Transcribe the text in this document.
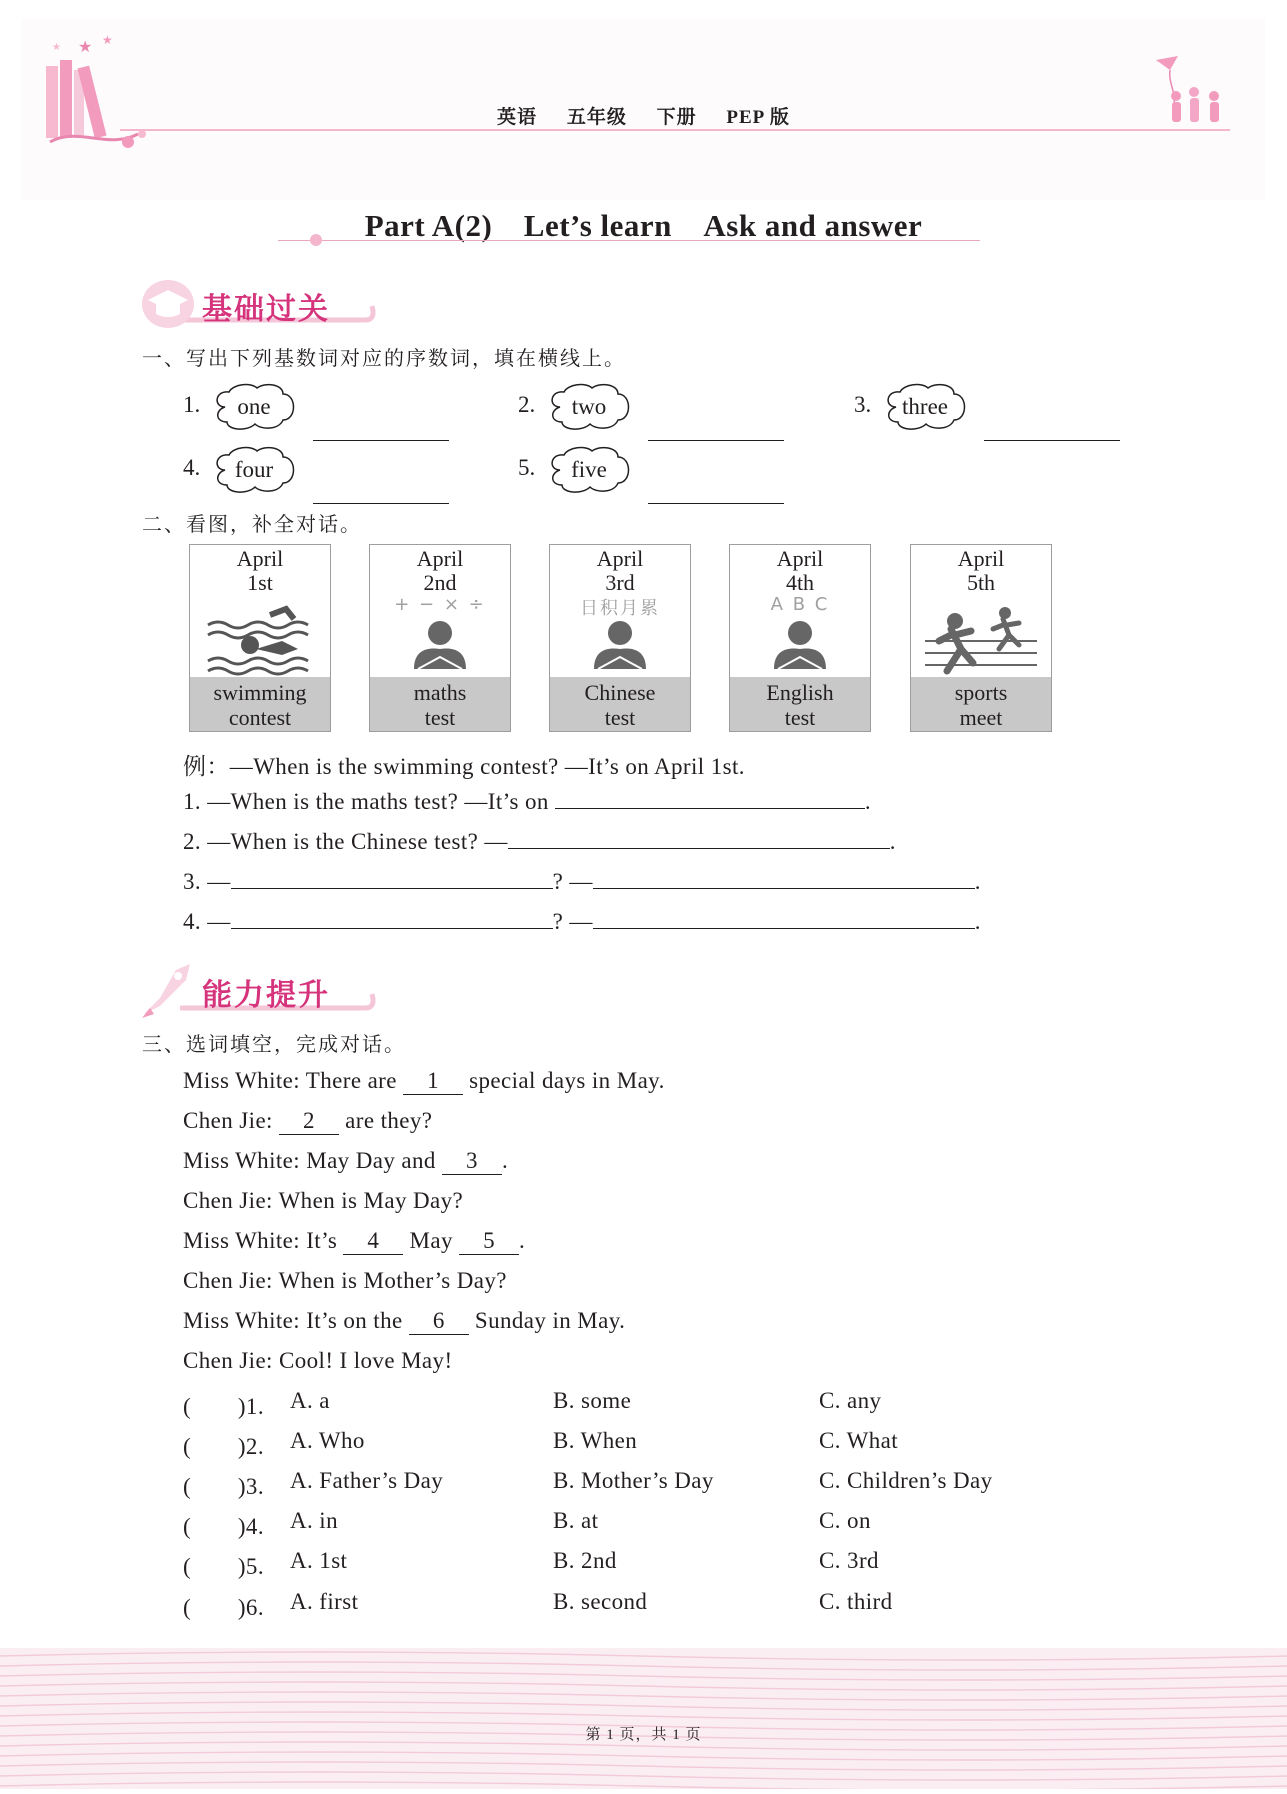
★ ★
★
英语 五年级 下册 PEP 版
Part A(2)　Let’s learn　Ask and answer
基础过关
一、写出下列基数词对应的序数词，填在横线上。
1.	one	2.	two	3.	three
4.	four	5.	five
二、看图，补全对话。
April
1st
swimming
contest
April
2nd
+ − × ÷
maths
test
April
3rd
日积月累
Chinese
test
April
4th
A B C
English
test
April
5th
sports
meet
例：—When is the swimming contest? —It’s on April 1st.
1. —When is the maths test? —It’s on	.
2. —When is the Chinese test? —	.
3. —	? —	.
4. —	? —	.
能力提升
三、选词填空，完成对话。
Miss White: There are 1 special days in May.
Chen Jie: 2 are they?
Miss White: May Day and 3 .
Chen Jie: When is May Day?
Miss White: It’s 4 May 5 .
Chen Jie: When is Mother’s Day?
Miss White: It’s on the 6 Sunday in May.
Chen Jie: Cool! I love May!
(　　)1. A. a	B. some	C. any
(　　)2. A. Who	B. When	C. What
(　　)3. A. Father’s Day	B. Mother’s Day	C. Children’s Day
(　　)4. A. in	B. at	C. on
(　　)5. A. 1st	B. 2nd	C. 3rd
(　　)6. A. first	B. second	C. third
第 1 页，共 1 页
